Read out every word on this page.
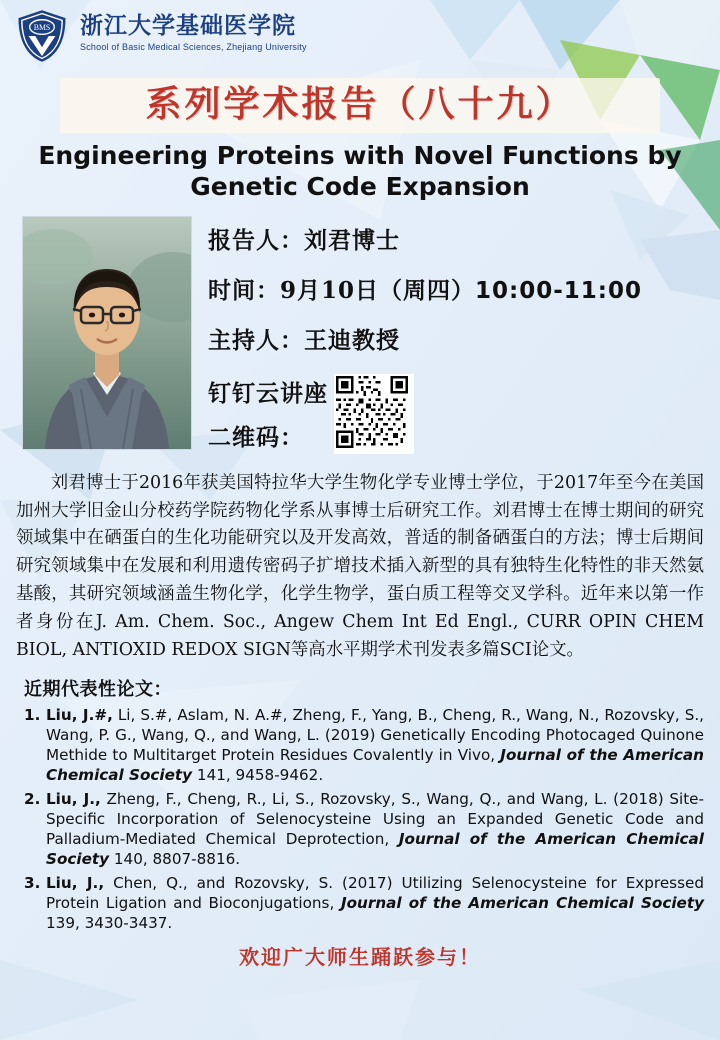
BMS 浙江大学基础医学院
School of Basic Medical Sciences, Zhejiang University
系列学术报告（八十九）
Engineering Proteins with Novel Functions by
Genetic Code Expansion
报告人：刘君博士
时间：9月10日（周四）10:00-11:00
主持人：王迪教授
钉钉云讲座
二维码：
刘君博士于2016年获美国特拉华大学生物化学专业博士学位，于2017年至今在美国加州大学旧金山分校药学院药物化学系从事博士后研究工作。刘君博士在博士期间的研究领域集中在硒蛋白的生化功能研究以及开发高效，普适的制备硒蛋白的方法；博士后期间研究领域集中在发展和利用遗传密码子扩增技术插入新型的具有独特生化特性的非天然氨基酸，其研究领域涵盖生物化学，化学生物学，蛋白质工程等交叉学科。近年来以第一作者身份在J. Am. Chem. Soc., Angew Chem Int Ed Engl., CURR OPIN CHEM BIOL, ANTIOXID REDOX SIGN等高水平期学术刊发表多篇SCI论文。
近期代表性论文：
1. Liu, J.#, Li, S.#, Aslam, N. A.#, Zheng, F., Yang, B., Cheng, R., Wang, N., Rozovsky, S., Wang, P. G., Wang, Q., and Wang, L. (2019) Genetically Encoding Photocaged Quinone Methide to Multitarget Protein Residues Covalently in Vivo, Journal of the American Chemical Society 141, 9458-9462.
2. Liu, J., Zheng, F., Cheng, R., Li, S., Rozovsky, S., Wang, Q., and Wang, L. (2018) Site-Specific Incorporation of Selenocysteine Using an Expanded Genetic Code and Palladium-Mediated Chemical Deprotection, Journal of the American Chemical Society 140, 8807-8816.
3. Liu, J., Chen, Q., and Rozovsky, S. (2017) Utilizing Selenocysteine for Expressed Protein Ligation and Bioconjugations, Journal of the American Chemical Society 139, 3430-3437.
欢迎广大师生踊跃参与！
